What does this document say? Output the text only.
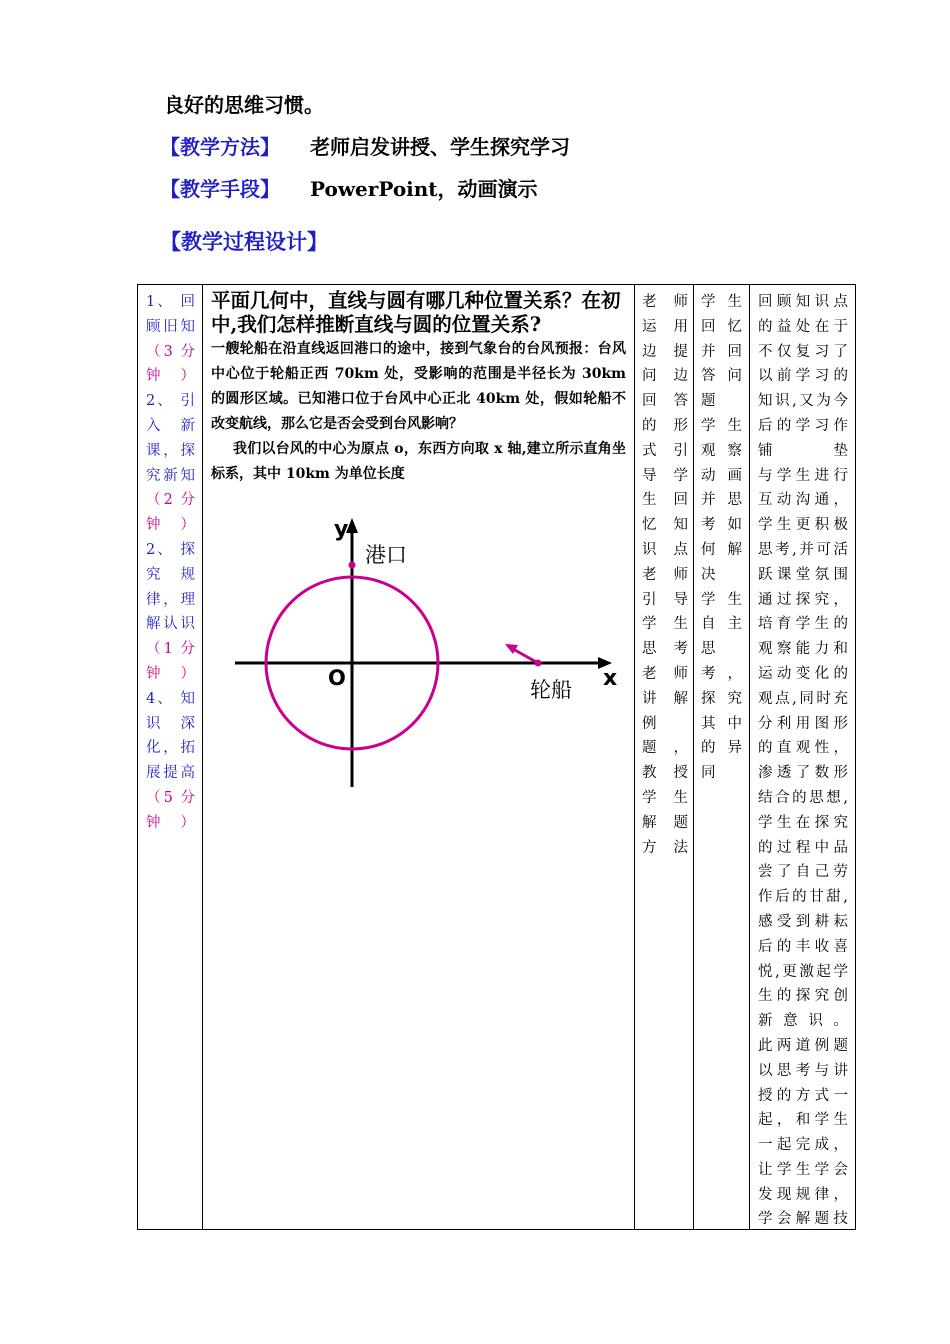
良好的思维习惯。
【教学方法】 老师启发讲授、学生探究学习
【教学手段】 PowerPoint，动画演示
【教学过程设计】
1、 回
顾旧知
（3 分
钟）
2、 引
入 新
课，探
究新知
（2 分
钟）
2、 探
究 规
律，理
解认识
（1 分
钟）
4、 知
识 深
化，拓
展提高
（5 分
钟）

平面几何中，直线与圆有哪几种位置关系？在初中,我们怎样推断直线与圆的位置关系?

一艘轮船在沿直线返回港口的途中，接到气象台的台风预报：台风中心位于轮船正西 70km 处，受影响的范围是半径长为 30km 的圆形区域。已知港口位于台风中心正北 40km 处，假如轮船不改变航线，那么它是否会受到台风影响？

我们以台风的中心为原点 o，东西方向取 x 轴,建立所示直角坐标系，其中 10km 为单位长度

y
x
O
港口
轮船
老 师
运 用
边 提
问 边
回 答
的 形
式 引
导 学
生 回
忆 知
识点
老 师
引 导
学 生
思考
老 师
讲 解
例
题 ，
教 授
学 生
解 题
方法
学 生
回 忆
并 回
答 问
题
学 生
观 察
动 画
并 思
考 如
何 解
决
学 生
自 主
思
考 ，
探 究
其 中
的 异
同
回顾知识点
的益处在于
不仅复习了
以前学习的
知识,又为今
后的学习作
铺垫
与学生进行
互动沟通，
学生更积极
思考,并可活
跃课堂氛围
通过探究，
培育学生的
观察能力和
运动变化的
观点,同时充
分利用图形
的直观性，
渗透了数形
结合的思想,
学生在探究
的过程中品
尝了自己劳
作后的甘甜,
感受到耕耘
后的丰收喜
悦,更激起学
生的探究创
新意识。
此两道例题
以思考与讲
授的方式一
起，和学生
一起完成，
让学生学会
发现规律，
学会解题技
